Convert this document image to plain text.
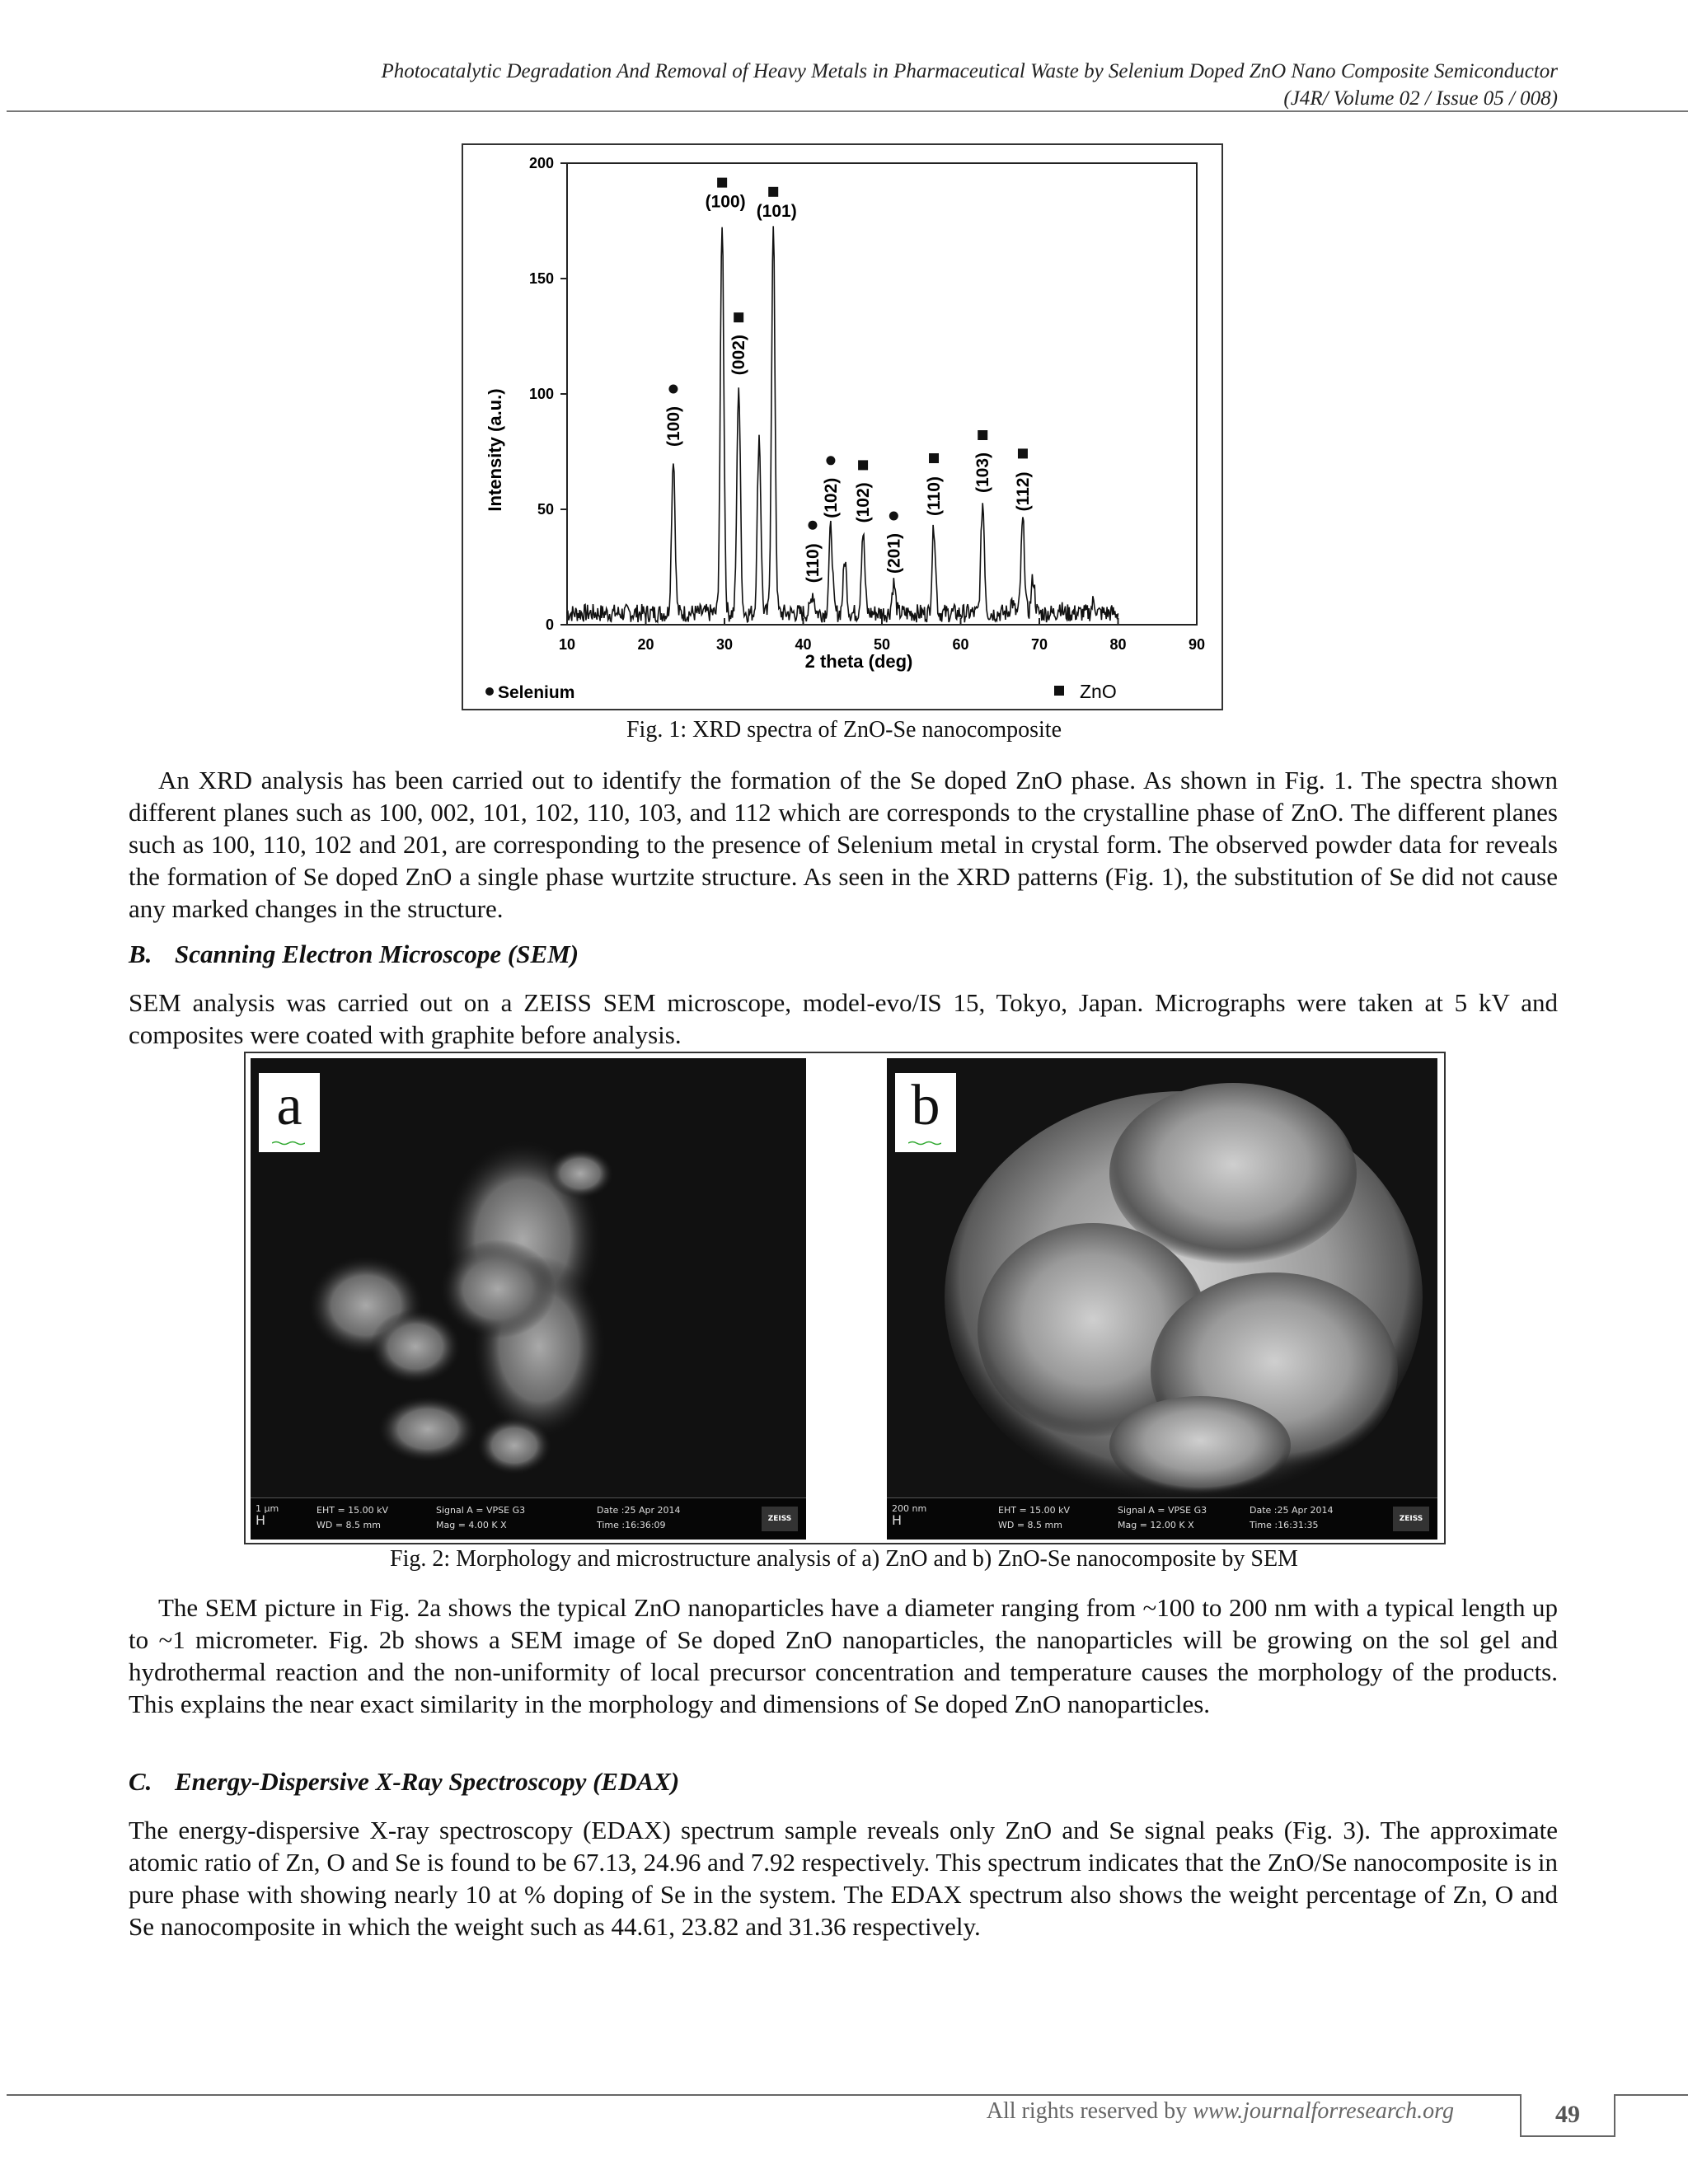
Photocatalytic Degradation And Removal of Heavy Metals in Pharmaceutical Waste by Selenium Doped ZnO Nano Composite Semiconductor
(J4R/ Volume 02 / Issue 05 / 008)
10	20	30	40	50	60	70	80	90
0
50
100
150
200
(100)
(100)
(002)
(101)
(110)
(102) (102)
(201)
(110)
(103) (112)
2 theta (deg)
Intensity (a.u.)
Selenium	ZnO
Fig. 1: XRD spectra of ZnO-Se nanocomposite

An XRD analysis has been carried out to identify the formation of the Se doped ZnO phase. As shown in Fig. 1. The spectra shown different planes such as 100, 002, 101, 102, 110, 103, and 112 which are corresponds to the crystalline phase of ZnO. The different planes such as 100, 110, 102 and 201, are corresponding to the presence of Selenium metal in crystal form. The observed powder data for reveals the formation of Se doped ZnO a single phase wurtzite structure. As seen in the XRD patterns (Fig. 1), the substitution of Se did not cause any marked changes in the structure.

B. Scanning Electron Microscope (SEM)

SEM analysis was carried out on a ZEISS SEM microscope, model-evo/IS 15, Tokyo, Japan. Micrographs were taken at 5 kV and composites were coated with graphite before analysis.

a
1 μm
H
EHT = 15.00 kV
WD = 8.5 mm
Signal A = VPSE G3
Mag = 4.00 K X
Date :25 Apr 2014
Time :16:36:09
ZEISS
b
200 nm
H
EHT = 15.00 kV
WD = 8.5 mm
Signal A = VPSE G3
Mag = 12.00 K X
Date :25 Apr 2014
Time :16:31:35
ZEISS
Fig. 2: Morphology and microstructure analysis of a) ZnO and b) ZnO-Se nanocomposite by SEM

The SEM picture in Fig. 2a shows the typical ZnO nanoparticles have a diameter ranging from ~100 to 200 nm with a typical length up to ~1 micrometer. Fig. 2b shows a SEM image of Se doped ZnO nanoparticles, the nanoparticles will be growing on the sol gel and hydrothermal reaction and the non-uniformity of local precursor concentration and temperature causes the morphology of the products. This explains the near exact similarity in the morphology and dimensions of Se doped ZnO nanoparticles.

C. Energy-Dispersive X-Ray Spectroscopy (EDAX)

The energy-dispersive X-ray spectroscopy (EDAX) spectrum sample reveals only ZnO and Se signal peaks (Fig. 3). The approximate atomic ratio of Zn, O and Se is found to be 67.13, 24.96 and 7.92 respectively. This spectrum indicates that the ZnO/Se nanocomposite is in pure phase with showing nearly 10 at % doping of Se in the system. The EDAX spectrum also shows the weight percentage of Zn, O and Se nanocomposite in which the weight such as 44.61, 23.82 and 31.36 respectively.

All rights reserved by www.journalforresearch.org	49
